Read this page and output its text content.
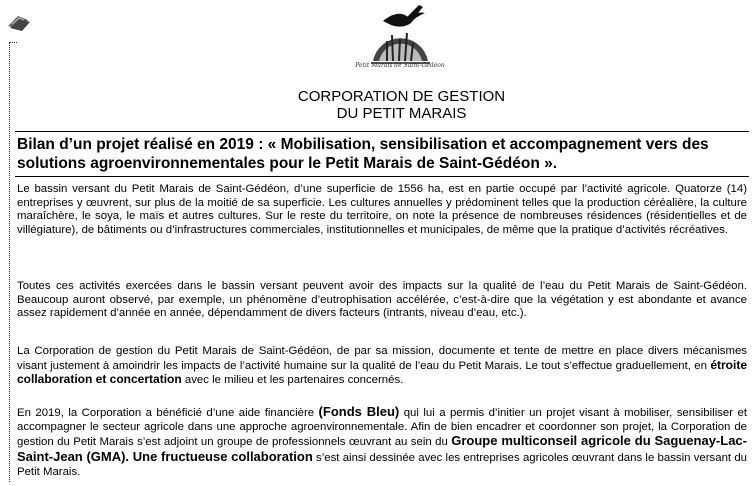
Petit Marais de Saint-Gédéon
CORPORATION DE GESTION
DU PETIT MARAIS
Bilan d’un projet réalisé en 2019 : « Mobilisation, sensibilisation et accompagnement vers des solutions agroenvironnementales pour le Petit Marais de Saint-Gédéon ».
Le bassin versant du Petit Marais de Saint-Gédéon, d’une superficie de 1556 ha, est en partie occupé par l’activité agricole. Quatorze (14) entreprises y œuvrent, sur plus de la moitié de sa superficie. Les cultures annuelles y prédominent telles que la production céréalière, la culture maraîchère, le soya, le maïs et autres cultures. Sur le reste du territoire, on note la présence de nombreuses résidences (résidentielles et de villégiature), de bâtiments ou d’infrastructures commerciales, institutionnelles et municipales, de même que la pratique d’activités récréatives.
Toutes ces activités exercées dans le bassin versant peuvent avoir des impacts sur la qualité de l’eau du Petit Marais de Saint-Gédéon. Beaucoup auront observé, par exemple, un phénomène d’eutrophisation accélérée, c’est-à-dire que la végétation y est abondante et avance assez rapidement d’année en année, dépendamment de divers facteurs (intrants, niveau d’eau, etc.).
La Corporation de gestion du Petit Marais de Saint-Gédéon, de par sa mission, documente et tente de mettre en place divers mécanismes visant justement à amoindrir les impacts de l’activité humaine sur la qualité de l’eau du Petit Marais. Le tout s’effectue graduellement, en étroite collaboration et concertation avec le milieu et les partenaires concernés.
En 2019, la Corporation a bénéficié d’une aide financière (Fonds Bleu) qui lui a permis d’initier un projet visant à mobiliser, sensibiliser et accompagner le secteur agricole dans une approche agroenvironnementale. Afin de bien encadrer et coordonner son projet, la Corporation de gestion du Petit Marais s’est adjoint un groupe de professionnels œuvrant au sein du Groupe multiconseil agricole du Saguenay-Lac-Saint-Jean (GMA). Une fructueuse collaboration s’est ainsi dessinée avec les entreprises agricoles œuvrant dans le bassin versant du Petit Marais.
